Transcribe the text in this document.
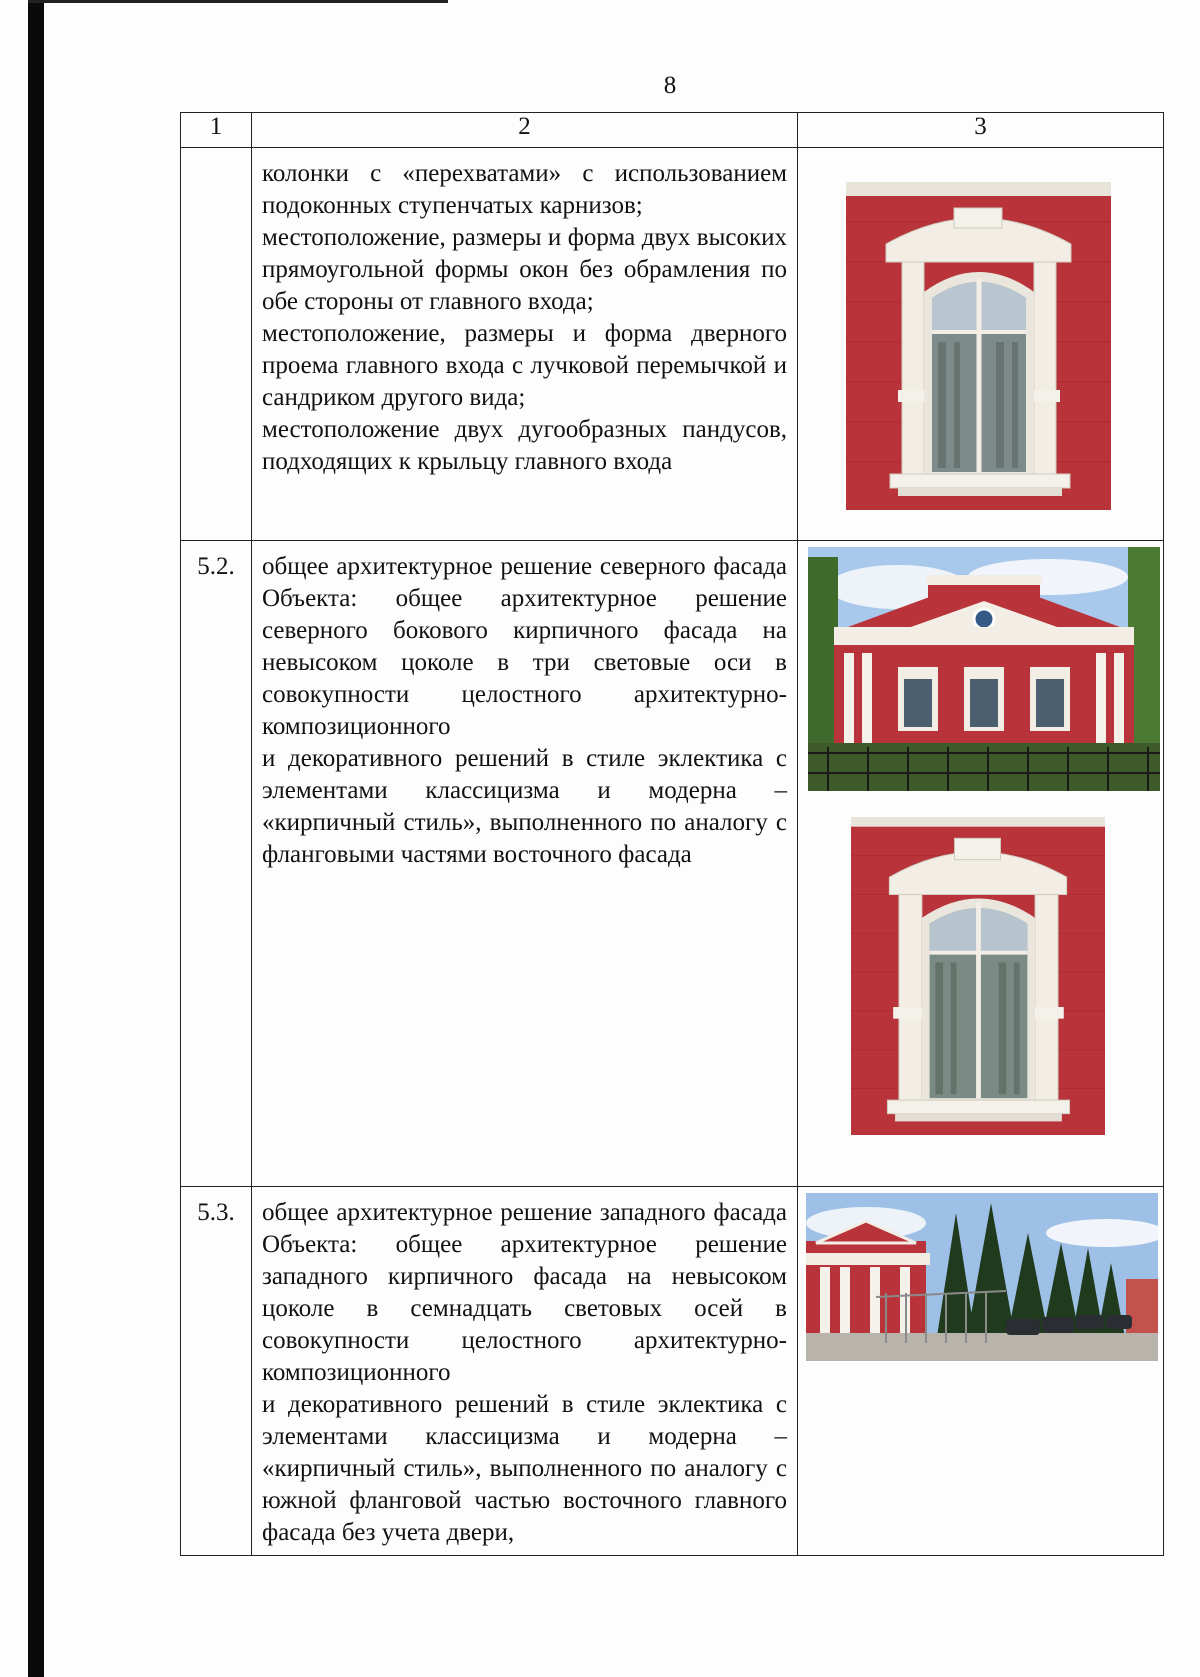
8
1	2	3

	колонки с «перехватами» с использованием подоконных ступенчатых карнизов;

местоположение, размеры и форма двух высоких прямоугольной формы окон без обрамления по обе стороны от главного входа;

местоположение, размеры и форма дверного проема главного входа с лучковой перемычкой и сандриком другого вида;

местоположение двух дугообразных пандусов, подходящих к крыльцу главного входа

5.2.	общее архитектурное решение северного фасада Объекта: общее архитектурное решение северного бокового кирпичного фасада на невысоком цоколе в три световые оси в совокупности целостного архитектурно-композиционного

и декоративного решений в стиле эклектика с элементами классицизма и модерна – «кирпичный стиль», выполненного по аналогу с фланговыми частями восточного фасада

5.3.	общее архитектурное решение западного фасада Объекта: общее архитектурное решение западного кирпичного фасада на невысоком цоколе в семнадцать световых осей в совокупности целостного архитектурно-композиционного

и декоративного решений в стиле эклектика с элементами классицизма и модерна – «кирпичный стиль», выполненного по аналогу с южной фланговой частью восточного главного фасада без учета двери,
